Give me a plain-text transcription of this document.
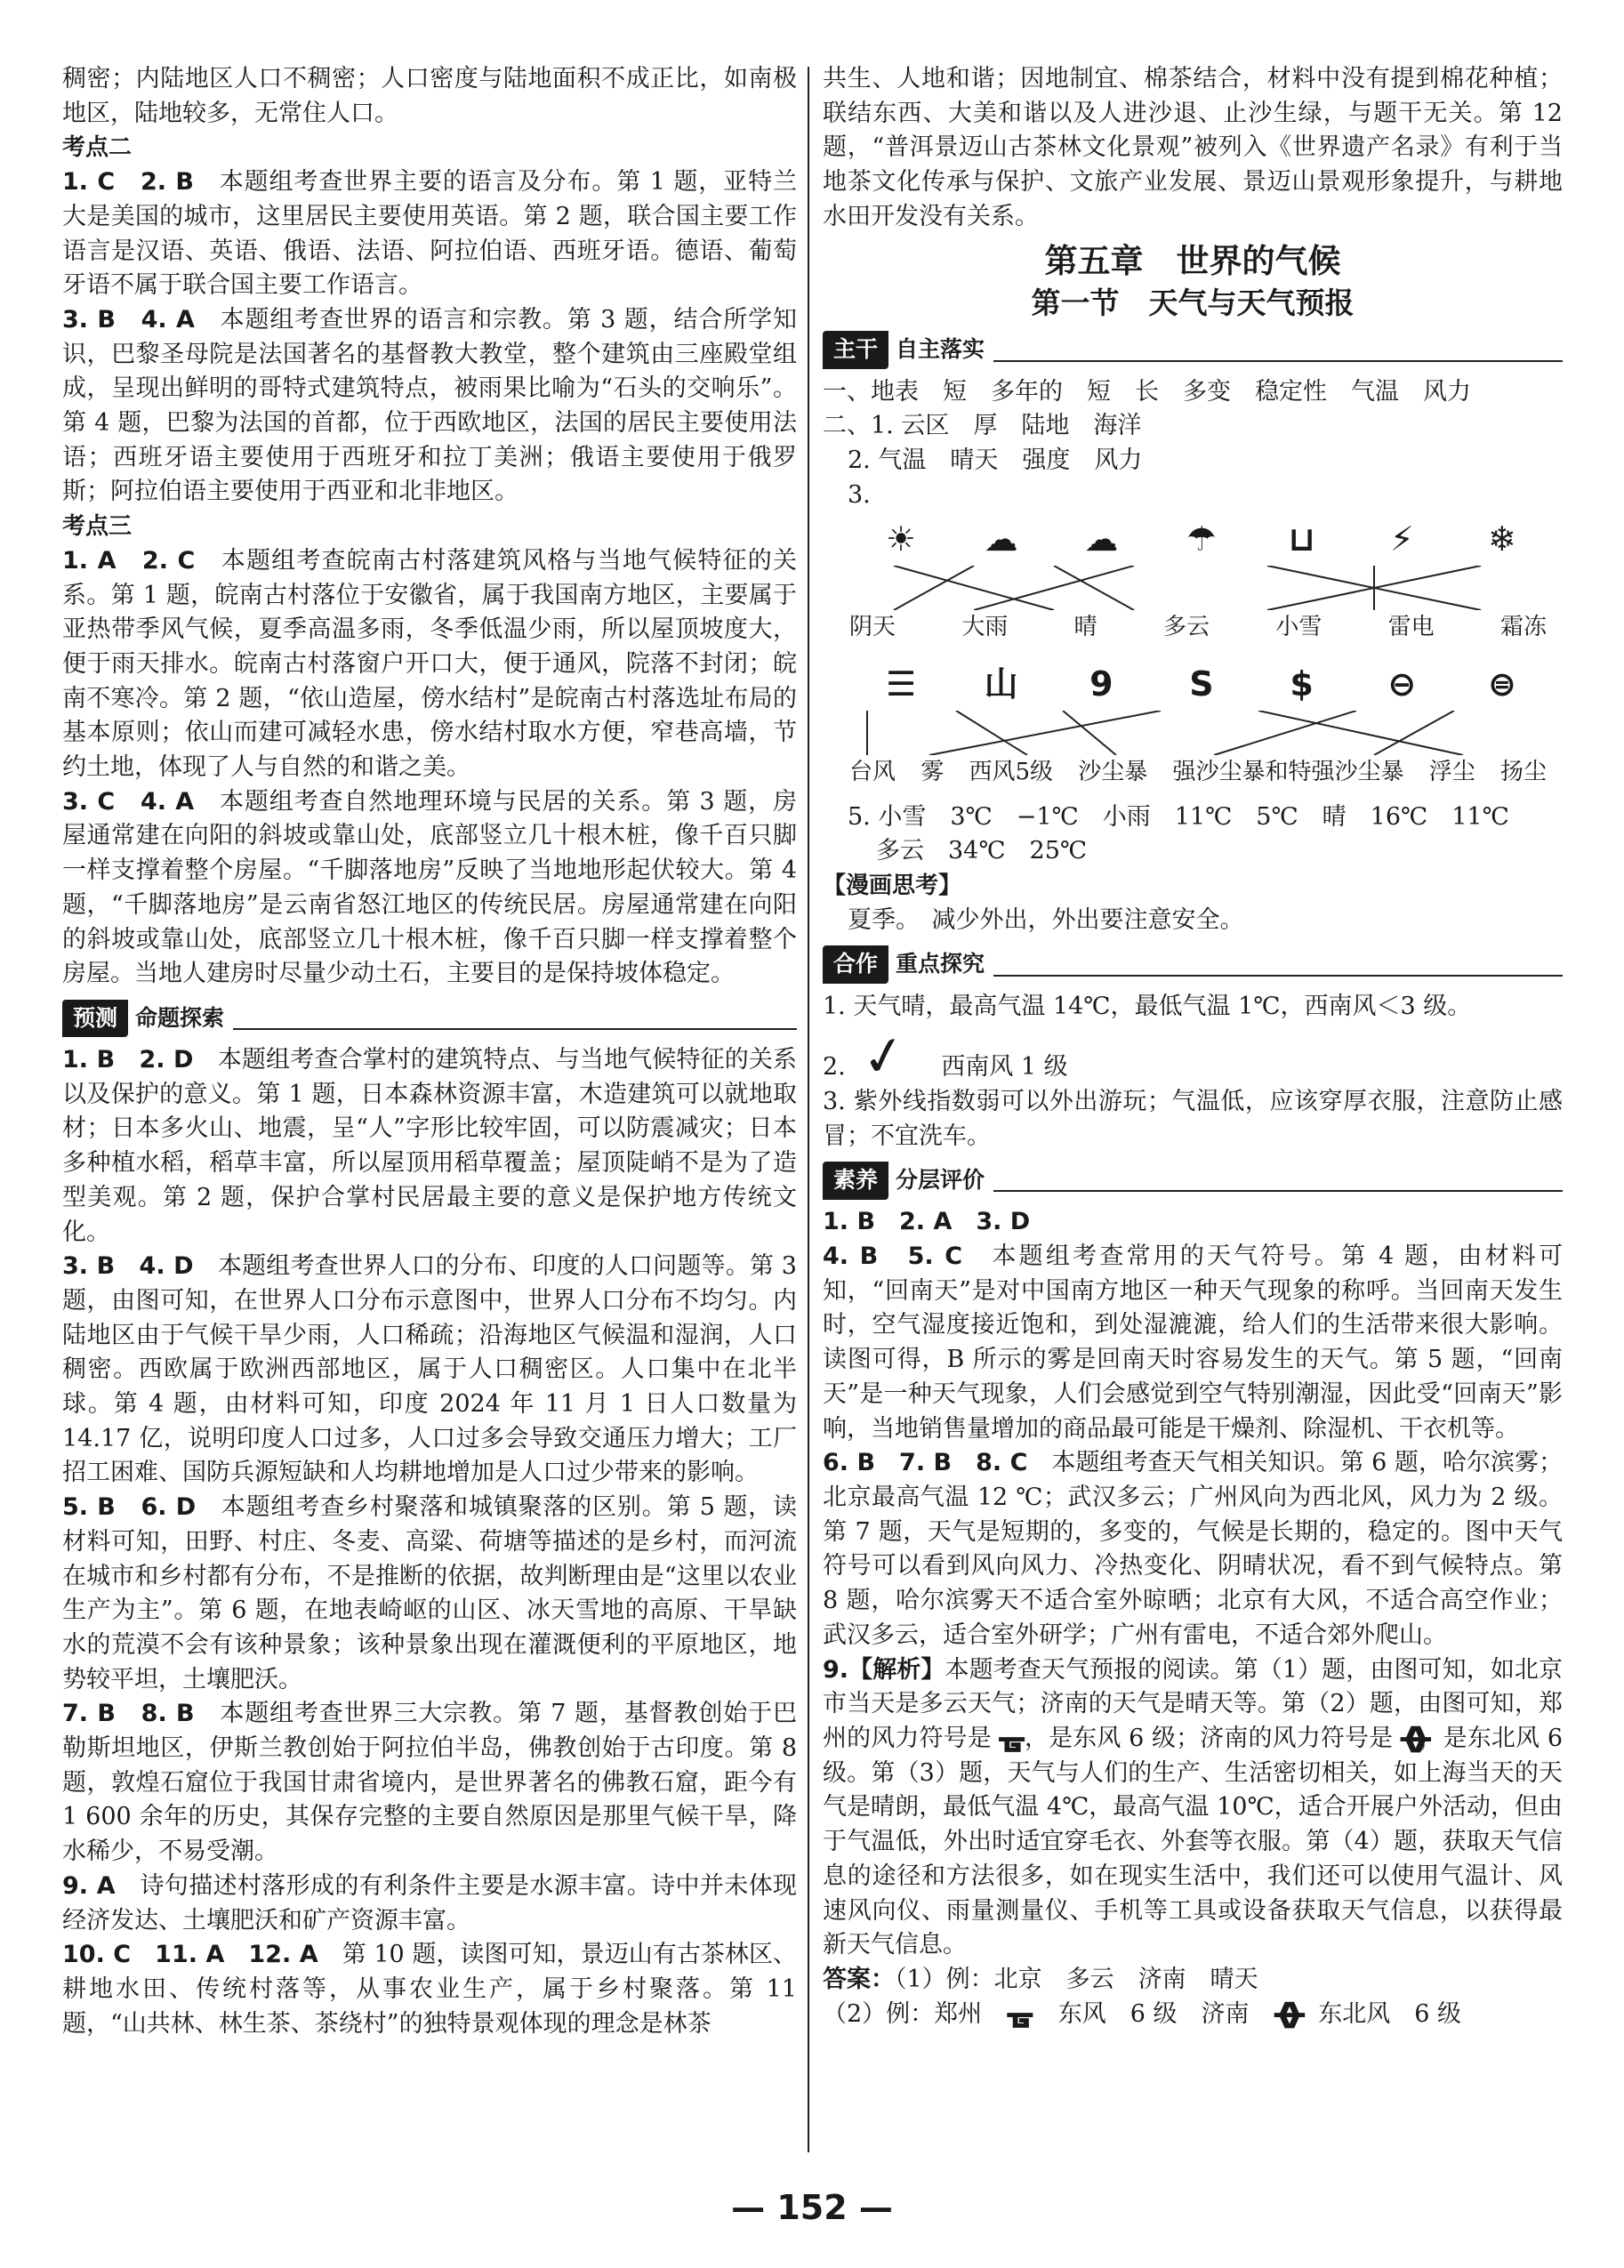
稠密；内陆地区人口不稠密；人口密度与陆地面积不成正比，如南极地区，陆地较多，无常住人口。

考点二

1. C　2. B　本题组考查世界主要的语言及分布。第 1 题，亚特兰大是美国的城市，这里居民主要使用英语。第 2 题，联合国主要工作语言是汉语、英语、俄语、法语、阿拉伯语、西班牙语。德语、葡萄牙语不属于联合国主要工作语言。

3. B　4. A　本题组考查世界的语言和宗教。第 3 题，结合所学知识，巴黎圣母院是法国著名的基督教大教堂，整个建筑由三座殿堂组成，呈现出鲜明的哥特式建筑特点，被雨果比喻为“石头的交响乐”。第 4 题，巴黎为法国的首都，位于西欧地区，法国的居民主要使用法语；西班牙语主要使用于西班牙和拉丁美洲；俄语主要使用于俄罗斯；阿拉伯语主要使用于西亚和北非地区。

考点三

1. A　2. C　本题组考查皖南古村落建筑风格与当地气候特征的关系。第 1 题，皖南古村落位于安徽省，属于我国南方地区，主要属于亚热带季风气候，夏季高温多雨，冬季低温少雨，所以屋顶坡度大，便于雨天排水。皖南古村落窗户开口大，便于通风，院落不封闭；皖南不寒冷。第 2 题，“依山造屋，傍水结村”是皖南古村落选址布局的基本原则；依山而建可减轻水患，傍水结村取水方便，窄巷高墙，节约土地，体现了人与自然的和谐之美。

3. C　4. A　本题组考查自然地理环境与民居的关系。第 3 题，房屋通常建在向阳的斜坡或靠山处，底部竖立几十根木桩，像千百只脚一样支撑着整个房屋。“千脚落地房”反映了当地地形起伏较大。第 4 题，“千脚落地房”是云南省怒江地区的传统民居。房屋通常建在向阳的斜坡或靠山处，底部竖立几十根木桩，像千百只脚一样支撑着整个房屋。当地人建房时尽量少动土石，主要目的是保持坡体稳定。

预测 命题探索

1. B　2. D　本题组考查合掌村的建筑特点、与当地气候特征的关系以及保护的意义。第 1 题，日本森林资源丰富，木造建筑可以就地取材；日本多火山、地震，呈“人”字形比较牢固，可以防震减灾；日本多种植水稻，稻草丰富，所以屋顶用稻草覆盖；屋顶陡峭不是为了造型美观。第 2 题，保护合掌村民居最主要的意义是保护地方传统文化。

3. B　4. D　本题组考查世界人口的分布、印度的人口问题等。第 3 题，由图可知，在世界人口分布示意图中，世界人口分布不均匀。内陆地区由于气候干旱少雨，人口稀疏；沿海地区气候温和湿润，人口稠密。西欧属于欧洲西部地区，属于人口稠密区。人口集中在北半球。第 4 题，由材料可知，印度 2024 年 11 月 1 日人口数量为 14.17 亿，说明印度人口过多，人口过多会导致交通压力增大；工厂招工困难、国防兵源短缺和人均耕地增加是人口过少带来的影响。

5. B　6. D　本题组考查乡村聚落和城镇聚落的区别。第 5 题，读材料可知，田野、村庄、冬麦、高粱、荷塘等描述的是乡村，而河流在城市和乡村都有分布，不是推断的依据，故判断理由是“这里以农业生产为主”。第 6 题，在地表崎岖的山区、冰天雪地的高原、干旱缺水的荒漠不会有该种景象；该种景象出现在灌溉便利的平原地区，地势较平坦，土壤肥沃。

7. B　8. B　本题组考查世界三大宗教。第 7 题，基督教创始于巴勒斯坦地区，伊斯兰教创始于阿拉伯半岛，佛教创始于古印度。第 8 题，敦煌石窟位于我国甘肃省境内，是世界著名的佛教石窟，距今有 1 600 余年的历史，其保存完整的主要自然原因是那里气候干旱，降水稀少，不易受潮。

9. A　诗句描述村落形成的有利条件主要是水源丰富。诗中并未体现经济发达、土壤肥沃和矿产资源丰富。

10. C　11. A　12. A　第 10 题，读图可知，景迈山有古茶林区、耕地水田、传统村落等，从事农业生产，属于乡村聚落。第 11 题，“山共林、林生茶、茶绕村”的独特景观体现的理念是林茶

共生、人地和谐；因地制宜、棉茶结合，材料中没有提到棉花种植；联结东西、大美和谐以及人进沙退、止沙生绿，与题干无关。第 12 题，“普洱景迈山古茶林文化景观”被列入《世界遗产名录》有利于当地茶文化传承与保护、文旅产业发展、景迈山景观形象提升，与耕地水田开发没有关系。

第五章　世界的气候
第一节　天气与天气预报
主干 自主落实

一、地表　短　多年的　短　长　多变　稳定性　气温　风力

二、1. 云区　厚　陆地　海洋

2. 气温　晴天　强度　风力

3.

☀ ☁ ☁ ☂	⊔	⚡	❄
阴天	大雨	晴	多云	小雪	雷电	霜冻
☰ 山	9	S	$	⊖	⊜
台风 雾 西风5级 沙尘暴 强沙尘暴和特强沙尘暴 浮尘 扬尘

5. 小雪　3℃　−1℃　小雨　11℃　5℃　晴　16℃　11℃

多云　34℃　25℃

【漫画思考】

夏季。　减少外出，外出要注意安全。

合作 重点探究

1. 天气晴，最高气温 14℃，最低气温 1℃，西南风＜3 级。

2. ✓ 西南风 1 级

3. 紫外线指数弱可以外出游玩；气温低，应该穿厚衣服，注意防止感冒；不宜洗车。

素养 分层评价

1. B　2. A　3. D

4. B　5. C　本题组考查常用的天气符号。第 4 题，由材料可知，“回南天”是对中国南方地区一种天气现象的称呼。当回南天发生时，空气湿度接近饱和，到处湿漉漉，给人们的生活带来很大影响。读图可得，B 所示的雾是回南天时容易发生的天气。第 5 题，“回南天”是一种天气现象，人们会感觉到空气特别潮湿，因此受“回南天”影响，当地销售量增加的商品最可能是干燥剂、除湿机、干衣机等。

6. B　7. B　8. C　本题组考查天气相关知识。第 6 题，哈尔滨雾；北京最高气温 12 ℃；武汉多云；广州风向为西北风，风力为 2 级。第 7 题，天气是短期的，多变的，气候是长期的，稳定的。图中天气符号可以看到风向风力、冷热变化、阴晴状况，看不到气候特点。第 8 题，哈尔滨雾天不适合室外晾晒；北京有大风，不适合高空作业；武汉多云，适合室外研学；广州有雷电，不适合郊外爬山。

9.【解析】本题考查天气预报的阅读。第（1）题，由图可知，如北京市当天是多云天气；济南的天气是晴天等。第（2）题，由图可知，郑州的风力符号是 ᚗ，是东风 6 级；济南的风力符号是 ᚖ，是东北风 6 级。第（3）题，天气与人们的生产、生活密切相关，如上海当天的天气是晴朗，最低气温 4℃，最高气温 10℃，适合开展户外活动，但由于气温低，外出时适宜穿毛衣、外套等衣服。第（4）题，获取天气信息的途径和方法很多，如在现实生活中，我们还可以使用气温计、风速风向仪、雨量测量仪、手机等工具或设备获取天气信息，以获得最新天气信息。

答案：（1）例：北京　多云　济南　晴天

（2）例：郑州 ᚗ 东风　6 级　济南 ᚖ 东北风　6 级

— 152 —
